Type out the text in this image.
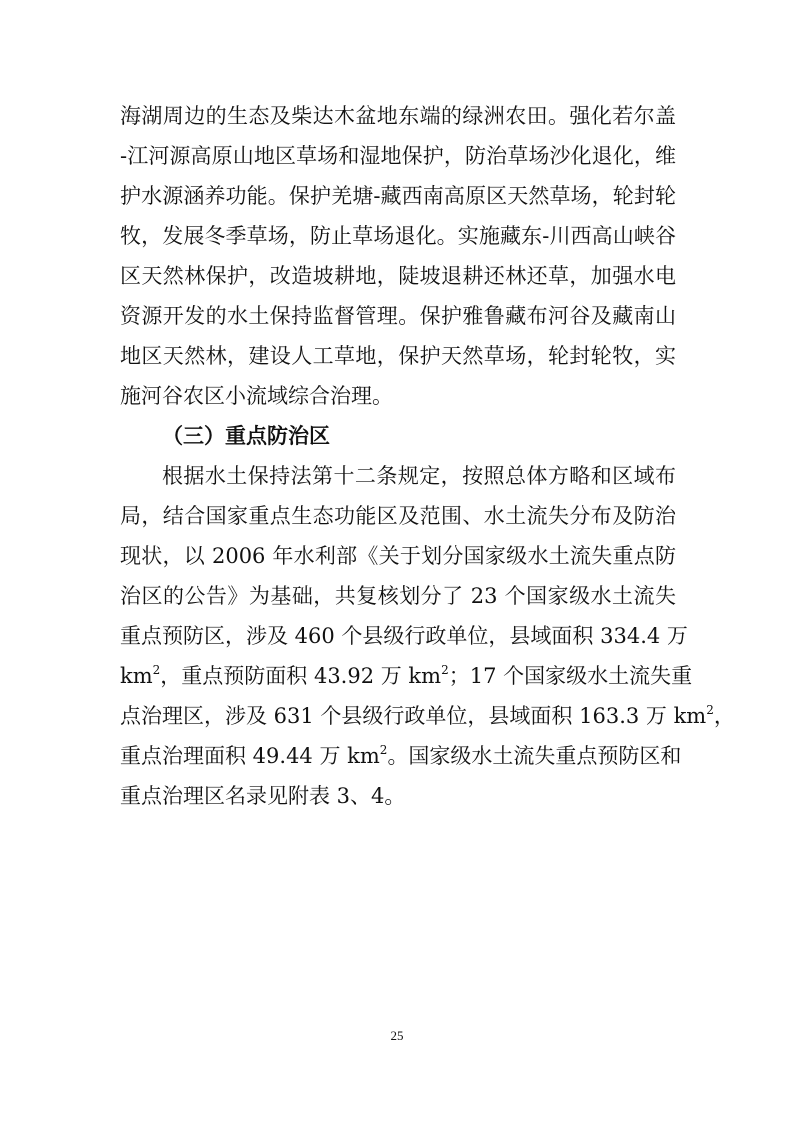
海湖周边的生态及柴达木盆地东端的绿洲农田。强化若尔盖
-江河源高原山地区草场和湿地保护，防治草场沙化退化，维
护水源涵养功能。保护羌塘-藏西南高原区天然草场，轮封轮
牧，发展冬季草场，防止草场退化。实施藏东-川西高山峡谷
区天然林保护，改造坡耕地，陡坡退耕还林还草，加强水电
资源开发的水土保持监督管理。保护雅鲁藏布河谷及藏南山
地区天然林，建设人工草地，保护天然草场，轮封轮牧，实
施河谷农区小流域综合治理。
（三）重点防治区
根据水土保持法第十二条规定，按照总体方略和区域布
局，结合国家重点生态功能区及范围、水土流失分布及防治
现状，以 2006 年水利部《关于划分国家级水土流失重点防
治区的公告》为基础，共复核划分了 23 个国家级水土流失
重点预防区，涉及 460 个县级行政单位，县域面积 334.4 万
$km^2$，重点预防面积 43.92 万 $km^2$；17 个国家级水土流失重
点治理区，涉及 631 个县级行政单位，县域面积 163.3 万 $km^2$，
重点治理面积 49.44 万 $km^2$。国家级水土流失重点预防区和
重点治理区名录见附表 3、4。
25
